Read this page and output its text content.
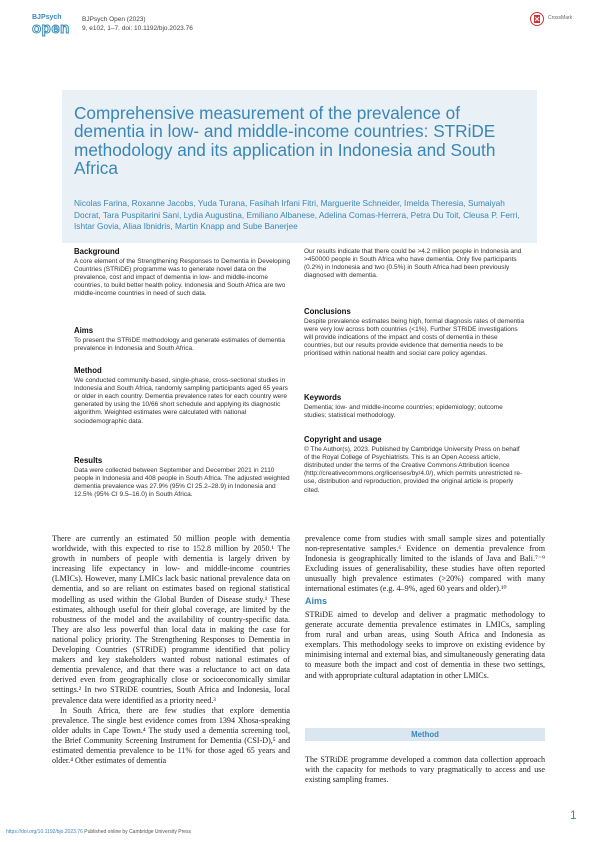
BJPsych
open
BJPsych Open (2023)
9, e102, 1–7. doi: 10.1192/bjo.2023.76
CrossMark
Comprehensive measurement of the prevalence of dementia in low- and middle-income countries: STRiDE methodology and its application in Indonesia and South Africa
Nicolas Farina, Roxanne Jacobs, Yuda Turana, Fasihah Irfani Fitri, Marguerite Schneider, Imelda Theresia, Sumaiyah Docrat, Tara Puspitarini Sani, Lydia Augustina, Emiliano Albanese, Adelina Comas-Herrera, Petra Du Toit, Cleusa P. Ferri, Ishtar Govia, Aliaa Ibnidris, Martin Knapp and Sube Banerjee
Background

A core element of the Strengthening Responses to Dementia in Developing Countries (STRiDE) programme was to generate novel data on the prevalence, cost and impact of dementia in low- and middle-income countries, to build better health policy. Indonesia and South Africa are two middle-income countries in need of such data.

Aims

To present the STRiDE methodology and generate estimates of dementia prevalence in Indonesia and South Africa.

Method

We conducted community-based, single-phase, cross-sectional studies in Indonesia and South Africa, randomly sampling participants aged 65 years or older in each country. Dementia prevalence rates for each country were generated by using the 10/66 short schedule and applying its diagnostic algorithm. Weighted estimates were calculated with national sociodemographic data.

Results

Data were collected between September and December 2021 in 2110 people in Indonesia and 408 people in South Africa. The adjusted weighted dementia prevalence was 27.9% (95% CI 25.2–28.9) in Indonesia and 12.5% (95% CI 9.5–16.0) in South Africa.

Our results indicate that there could be >4.2 million people in Indonesia and >450000 people in South Africa who have dementia. Only five participants (0.2%) in Indonesia and two (0.5%) in South Africa had been previously diagnosed with dementia.

Conclusions

Despite prevalence estimates being high, formal diagnosis rates of dementia were very low across both countries (<1%). Further STRiDE investigations will provide indications of the impact and costs of dementia in these countries, but our results provide evidence that dementia needs to be prioritised within national health and social care policy agendas.

Keywords

Dementia; low- and middle-income countries; epidemiology; outcome studies; statistical methodology.

Copyright and usage

© The Author(s), 2023. Published by Cambridge University Press on behalf of the Royal College of Psychiatrists. This is an Open Access article, distributed under the terms of the Creative Commons Attribution licence (http://creativecommons.org/licenses/by/4.0/), which permits unrestricted re-use, distribution and reproduction, provided the original article is properly cited.

There are currently an estimated 50 million people with dementia worldwide, with this expected to rise to 152.8 million by 2050.¹ The growth in numbers of people with dementia is largely driven by increasing life expectancy in low- and middle-income countries (LMICs). However, many LMICs lack basic national prevalence data on dementia, and so are reliant on estimates based on regional statistical modelling as used within the Global Burden of Disease study.¹ These estimates, although useful for their global coverage, are limited by the robustness of the model and the availability of country-specific data. They are also less powerful than local data in making the case for national policy priority. The Strengthening Responses to Dementia in Developing Countries (STRiDE) programme identified that policy makers and key stakeholders wanted robust national estimates of dementia prevalence, and that there was a reluctance to act on data derived even from geographically close or socioeconomically similar settings.² In two STRiDE countries, South Africa and Indonesia, local prevalence data were identified as a priority need.³

In South Africa, there are few studies that explore dementia prevalence. The single best evidence comes from 1394 Xhosa-speaking older adults in Cape Town.⁴ The study used a dementia screening tool, the Brief Community Screening Instrument for Dementia (CSI-D),⁵ and estimated dementia prevalence to be 11% for those aged 65 years and older.⁴ Other estimates of dementia

prevalence come from studies with small sample sizes and potentially non-representative samples.⁶ Evidence on dementia prevalence from Indonesia is geographically limited to the islands of Java and Bali.⁷⁻⁹ Excluding issues of generalisability, these studies have often reported unusually high prevalence estimates (>20%) compared with many international estimates (e.g. 4–9%, aged 60 years and older).¹⁰

Aims

STRiDE aimed to develop and deliver a pragmatic methodology to generate accurate dementia prevalence estimates in LMICs, sampling from rural and urban areas, using South Africa and Indonesia as exemplars. This methodology seeks to improve on existing evidence by minimising internal and external bias, and simultaneously generating data to measure both the impact and cost of dementia in these two settings, and with appropriate cultural adaptation in other LMICs.

Method

The STRiDE programme developed a common data collection approach with the capacity for methods to vary pragmatically to access and use existing sampling frames.

1
https://doi.org/10.1192/bjo.2023.76 Published online by Cambridge University Press
